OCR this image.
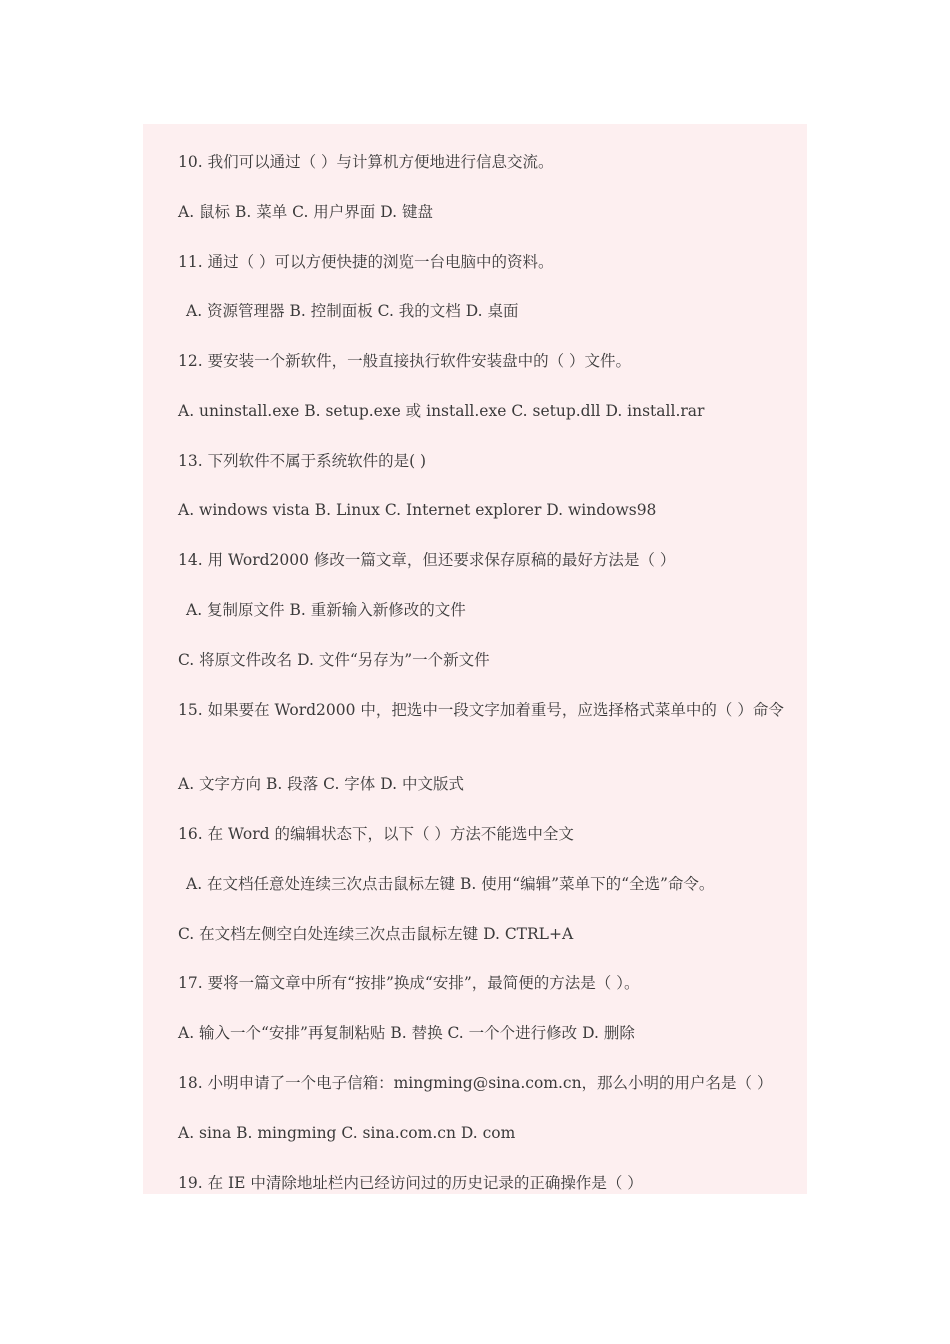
10. 我们可以通过（ ）与计算机方便地进行信息交流。
A. 鼠标 B. 菜单 C. 用户界面 D. 键盘
11. 通过（ ）可以方便快捷的浏览一台电脑中的资料。
A. 资源管理器 B. 控制面板 C. 我的文档 D. 桌面
12. 要安装一个新软件，一般直接执行软件安装盘中的（ ）文件。
A. uninstall.exe B. setup.exe 或 install.exe C. setup.dll D. install.rar
13. 下列软件不属于系统软件的是( )
A. windows vista B. Linux C. Internet explorer D. windows98
14. 用 Word2000 修改一篇文章，但还要求保存原稿的最好方法是（ ）
A. 复制原文件 B. 重新输入新修改的文件
C. 将原文件改名 D. 文件“另存为”一个新文件
15. 如果要在 Word2000 中，把选中一段文字加着重号，应选择格式菜单中的（ ）命令
A. 文字方向 B. 段落 C. 字体 D. 中文版式
16. 在 Word 的编辑状态下，以下（ ）方法不能选中全文
A. 在文档任意处连续三次点击鼠标左键 B. 使用“编辑”菜单下的“全选”命令。
C. 在文档左侧空白处连续三次点击鼠标左键 D. CTRL+A
17. 要将一篇文章中所有“按排”换成“安排”，最简便的方法是（ ）。
A. 输入一个“安排”再复制粘贴 B. 替换 C. 一个个进行修改 D. 删除
18. 小明申请了一个电子信箱：mingming@sina.com.cn，那么小明的用户名是（ ）
A. sina B. mingming C. sina.com.cn D. com
19. 在 IE 中清除地址栏内已经访问过的历史记录的正确操作是（ ）
